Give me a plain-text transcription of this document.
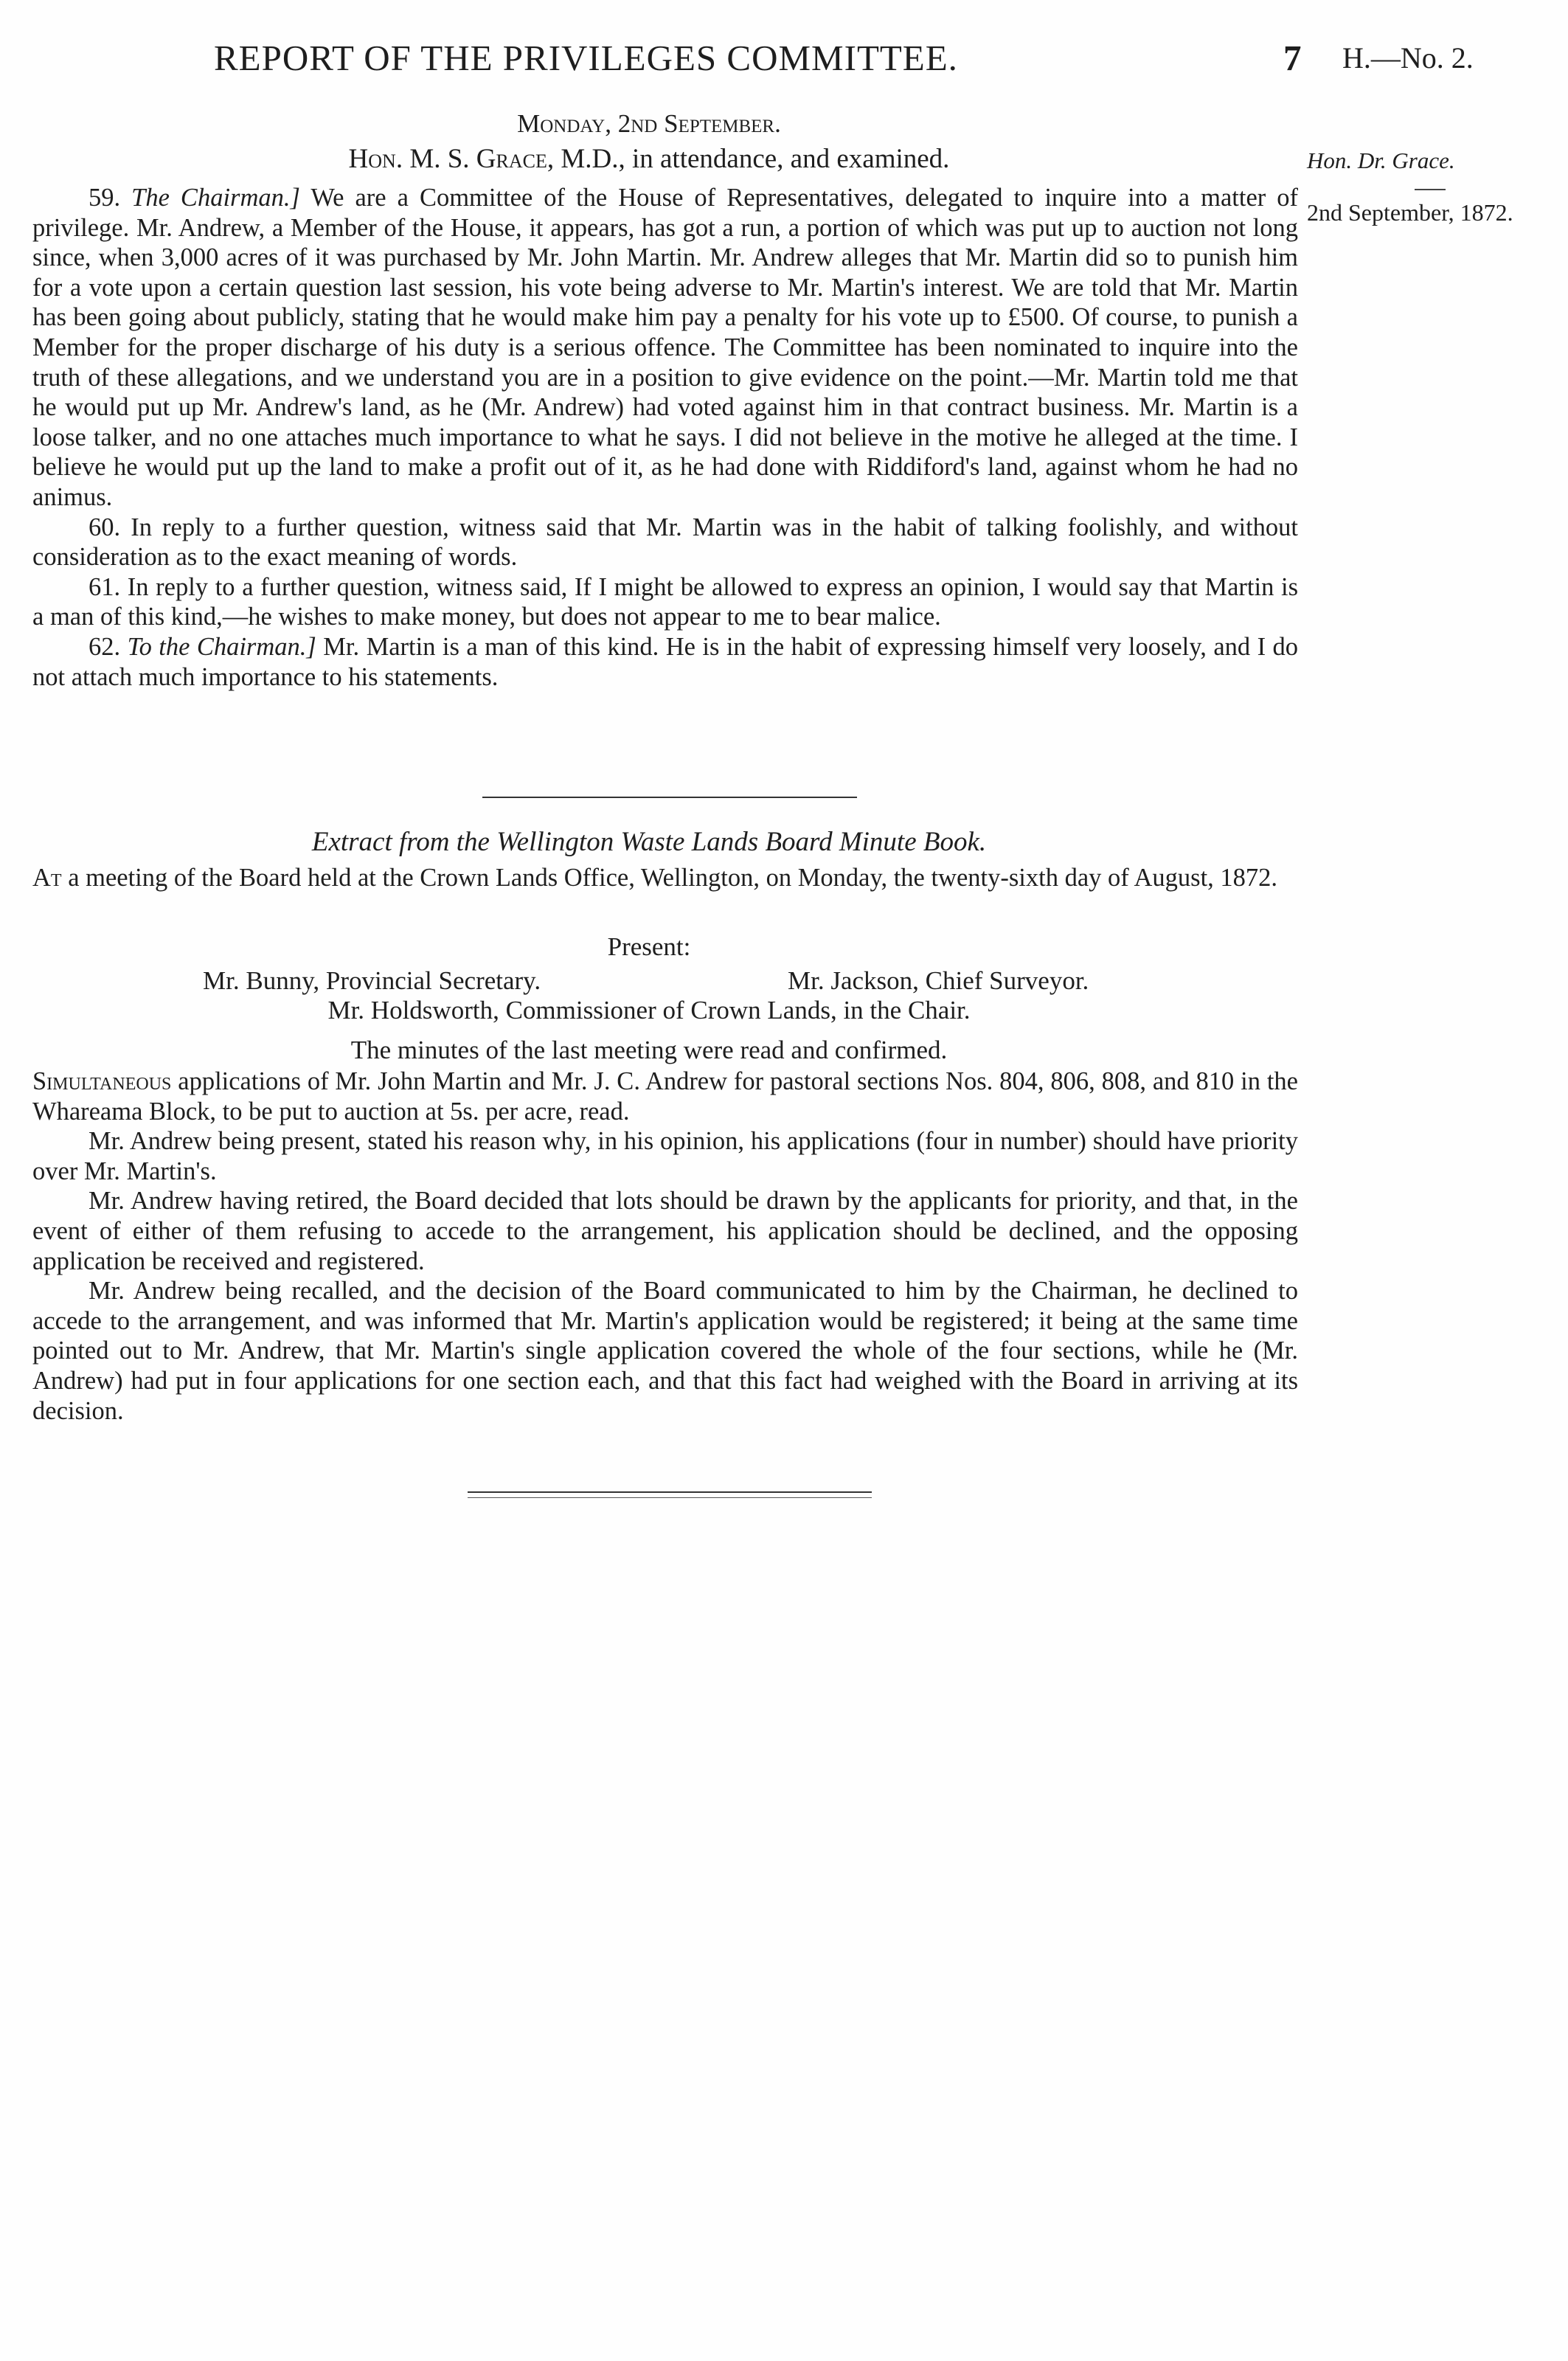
REPORT OF THE PRIVILEGES COMMITTEE.	7 H.—No. 2.
Monday, 2nd September.
Hon. M. S. Grace, M.D., in attendance, and examined.	Hon. Dr. Grace.
2nd September, 1872.

59. The Chairman.] We are a Committee of the House of Representatives, delegated to inquire into a matter of privilege. Mr. Andrew, a Member of the House, it appears, has got a run, a portion of which was put up to auction not long since, when 3,000 acres of it was purchased by Mr. John Martin. Mr. Andrew alleges that Mr. Martin did so to punish him for a vote upon a certain question last session, his vote being adverse to Mr. Martin's interest. We are told that Mr. Martin has been going about publicly, stating that he would make him pay a penalty for his vote up to £500. Of course, to punish a Member for the proper discharge of his duty is a serious offence. The Committee has been nominated to inquire into the truth of these allegations, and we understand you are in a position to give evidence on the point.—Mr. Martin told me that he would put up Mr. Andrew's land, as he (Mr. Andrew) had voted against him in that contract business. Mr. Martin is a loose talker, and no one attaches much importance to what he says. I did not believe in the motive he alleged at the time. I believe he would put up the land to make a profit out of it, as he had done with Riddiford's land, against whom he had no animus.

60. In reply to a further question, witness said that Mr. Martin was in the habit of talking foolishly, and without consideration as to the exact meaning of words.

61. In reply to a further question, witness said, If I might be allowed to express an opinion, I would say that Martin is a man of this kind,—he wishes to make money, but does not appear to me to bear malice.

62. To the Chairman.] Mr. Martin is a man of this kind. He is in the habit of expressing himself very loosely, and I do not attach much importance to his statements.

Extract from the Wellington Waste Lands Board Minute Book.

At a meeting of the Board held at the Crown Lands Office, Wellington, on Monday, the twenty-sixth day of August, 1872.

Present:
Mr. Bunny, Provincial Secretary.	Mr. Jackson, Chief Surveyor.
Mr. Holdsworth, Commissioner of Crown Lands, in the Chair.
The minutes of the last meeting were read and confirmed.

Simultaneous applications of Mr. John Martin and Mr. J. C. Andrew for pastoral sections Nos. 804, 806, 808, and 810 in the Whareama Block, to be put to auction at 5s. per acre, read.

Mr. Andrew being present, stated his reason why, in his opinion, his applications (four in number) should have priority over Mr. Martin's.

Mr. Andrew having retired, the Board decided that lots should be drawn by the applicants for priority, and that, in the event of either of them refusing to accede to the arrangement, his application should be declined, and the opposing application be received and registered.

Mr. Andrew being recalled, and the decision of the Board communicated to him by the Chairman, he declined to accede to the arrangement, and was informed that Mr. Martin's application would be registered; it being at the same time pointed out to Mr. Andrew, that Mr. Martin's single application covered the whole of the four sections, while he (Mr. Andrew) had put in four applications for one section each, and that this fact had weighed with the Board in arriving at its decision.
